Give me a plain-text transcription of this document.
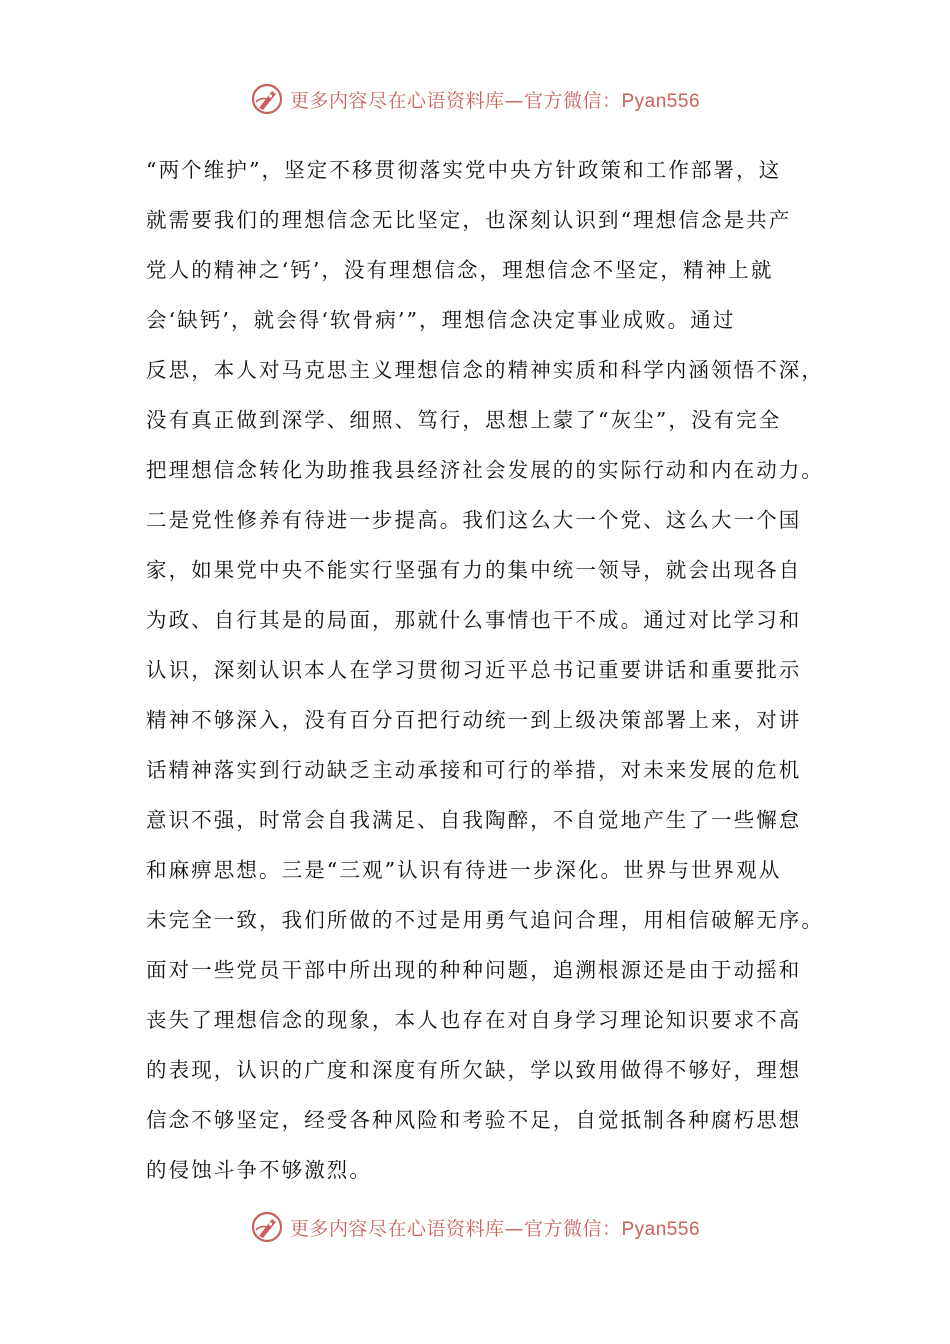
更多内容尽在心语资料库—官方微信：Pyan556
“两个维护”，坚定不移贯彻落实党中央方针政策和工作部署，这
就需要我们的理想信念无比坚定，也深刻认识到“理想信念是共产
党人的精神之‘钙’，没有理想信念，理想信念不坚定，精神上就
会‘缺钙’，就会得‘软骨病’”，理想信念决定事业成败。通过
反思，本人对马克思主义理想信念的精神实质和科学内涵领悟不深，
没有真正做到深学、细照、笃行，思想上蒙了“灰尘”，没有完全
把理想信念转化为助推我县经济社会发展的的实际行动和内在动力。
二是党性修养有待进一步提高。我们这么大一个党、这么大一个国
家，如果党中央不能实行坚强有力的集中统一领导，就会出现各自
为政、自行其是的局面，那就什么事情也干不成。通过对比学习和
认识，深刻认识本人在学习贯彻习近平总书记重要讲话和重要批示
精神不够深入，没有百分百把行动统一到上级决策部署上来，对讲
话精神落实到行动缺乏主动承接和可行的举措，对未来发展的危机
意识不强，时常会自我满足、自我陶醉，不自觉地产生了一些懈怠
和麻痹思想。三是“三观”认识有待进一步深化。世界与世界观从
未完全一致，我们所做的不过是用勇气追问合理，用相信破解无序。
面对一些党员干部中所出现的种种问题，追溯根源还是由于动摇和
丧失了理想信念的现象，本人也存在对自身学习理论知识要求不高
的表现，认识的广度和深度有所欠缺，学以致用做得不够好，理想
信念不够坚定，经受各种风险和考验不足，自觉抵制各种腐朽思想
的侵蚀斗争不够激烈。
更多内容尽在心语资料库—官方微信：Pyan556
